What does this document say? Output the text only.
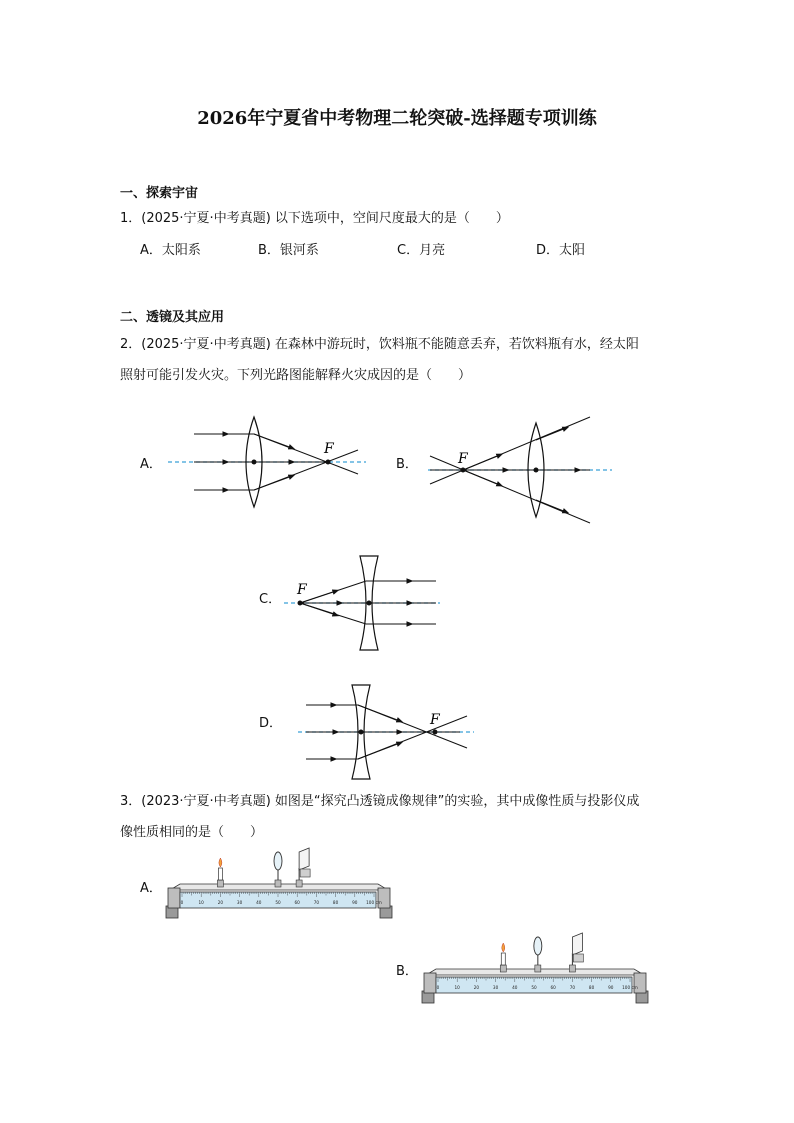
2026年宁夏省中考物理二轮突破-选择题专项训练
一、探索宇宙
1．(2025·宁夏·中考真题) 以下选项中，空间尺度最大的是（　　）
A．太阳系	B．银河系	C．月亮	D．太阳
二、透镜及其应用
2．(2025·宁夏·中考真题) 在森林中游玩时，饮料瓶不能随意丢弃，若饮料瓶有水，经太阳
照射可能引发火灾。下列光路图能解释火灾成因的是（　　）
A．	B．
C．
D．
F
F
F
F
3．(2023·宁夏·中考真题) 如图是“探究凸透镜成像规律”的实验，其中成像性质与投影仪成
像性质相同的是（　　）
A．
B．
0	10	20	30	40	50	60	70	80	90 100 cm
0	10	20	30	40	50	60	70	80	90 100 cm
